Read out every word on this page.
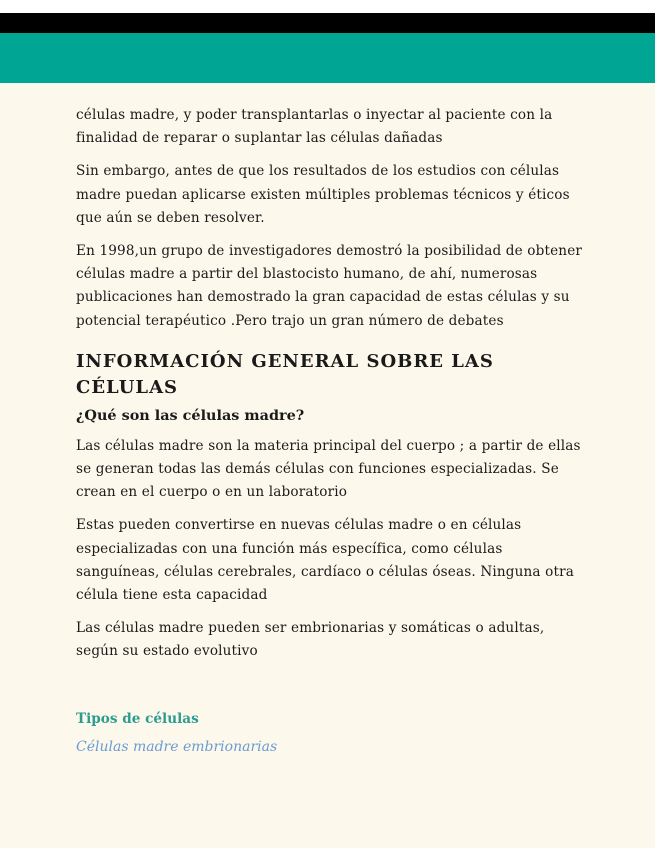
células madre, y poder transplantarlas o inyectar al paciente con la finalidad de reparar o suplantar las células dañadas

Sin embargo, antes de que los resultados de los estudios con células madre puedan aplicarse existen múltiples problemas técnicos y éticos que aún se deben resolver.

En 1998,un grupo de investigadores demostró la posibilidad de obtener células madre a partir del blastocisto humano, de ahí, numerosas publicaciones han demostrado la gran capacidad de estas células y su potencial terapéutico .Pero trajo un gran número de debates

INFORMACIÓN GENERAL SOBRE LAS CÉLULAS
¿Qué son las células madre?

Las células madre son la materia principal del cuerpo ; a partir de ellas se generan todas las demás células con funciones especializadas. Se crean en el cuerpo o en un laboratorio

Estas pueden convertirse en nuevas células madre o en células especializadas con una función más específica, como células sanguíneas, células cerebrales, cardíaco o células óseas. Ninguna otra célula tiene esta capacidad

Las células madre pueden ser embrionarias y somáticas o adultas, según su estado evolutivo

Tipos de células
Células madre embrionarias
